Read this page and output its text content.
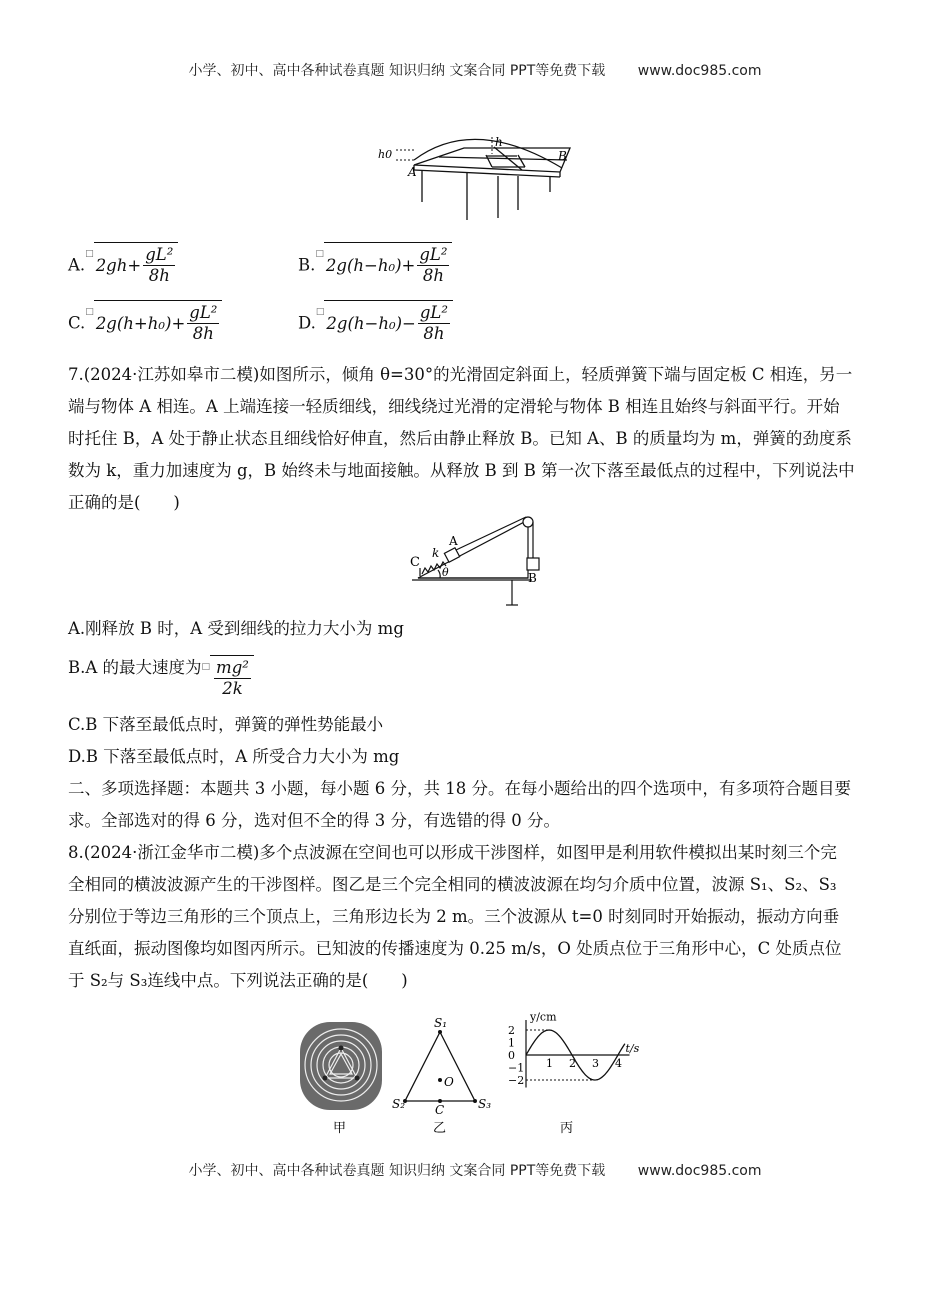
小学、初中、高中各种试卷真题 知识归纳 文案合同 PPT等免费下载 www.doc985.com
h0
h
A
B
A.□
$2gh+ \frac{\text{gL²}}{8h}$	B.□
$2g(h-h_0)+ \frac{\text{gL²}}{8h}$
C.□
$2g(h+h_0)+ \frac{\text{gL²}}{8h}$	D.□
$2g(h-h_0)- \frac{\text{gL²}}{8h}$
7.(2024·江苏如皋市二模)如图所示，倾角 θ=30°的光滑固定斜面上，轻质弹簧下端与固定板 C 相连，另一
端与物体 A 相连。A 上端连接一轻质细线，细线绕过光滑的定滑轮与物体 B 相连且始终与斜面平行。开始
时托住 B，A 处于静止状态且细线恰好伸直，然后由静止释放 B。已知 A、B 的质量均为 m，弹簧的劲度系
数为 k，重力加速度为 g，B 始终未与地面接触。从释放 B 到 B 第一次下落至最低点的过程中，下列说法中
正确的是(　　)
C
k
A
θ	B
A.刚释放 B 时，A 受到细线的拉力大小为 mg
B.A 的最大速度为$^□ \frac{\text{mg²}}{2k}$
C.B 下落至最低点时，弹簧的弹性势能最小
D.B 下落至最低点时，A 所受合力大小为 mg
二、多项选择题：本题共 3 小题，每小题 6 分，共 18 分。在每小题给出的四个选项中，有多项符合题目要
求。全部选对的得 6 分，选对但不全的得 3 分，有选错的得 0 分。
8.(2024·浙江金华市二模)多个点波源在空间也可以形成干涉图样，如图甲是利用软件模拟出某时刻三个完
全相同的横波波源产生的干涉图样。图乙是三个完全相同的横波波源在均匀介质中位置，波源 S₁、S₂、S₃
分别位于等边三角形的三个顶点上，三角形边长为 2 m。三个波源从 t=0 时刻同时开始振动，振动方向垂
直纸面，振动图像均如图丙所示。已知波的传播速度为 0.25 m/s，O 处质点位于三角形中心，C 处质点位
于 S₂与 S₃连线中点。下列说法正确的是(　　)
甲
S₁
S₂	S₃
O
C
乙
y/cm
t/s
1 2 3 4
2
1
0
−1
−2
丙
小学、初中、高中各种试卷真题 知识归纳 文案合同 PPT等免费下载 www.doc985.com
